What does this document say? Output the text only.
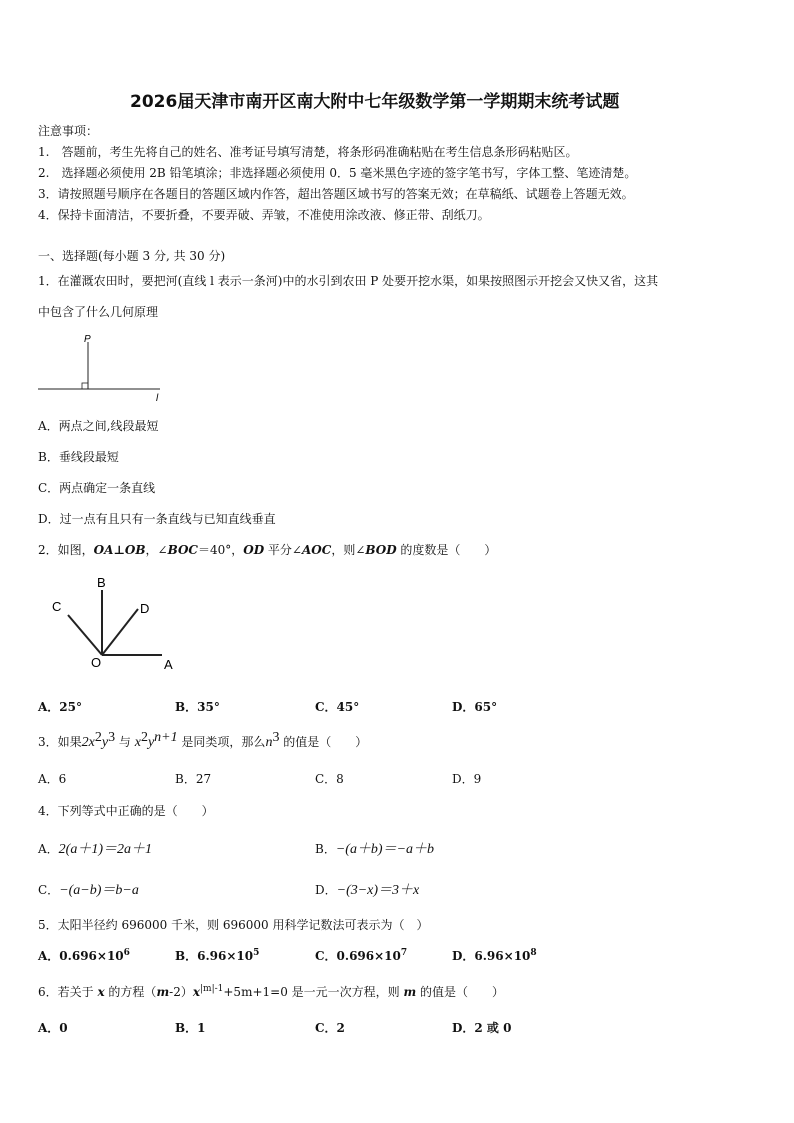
2026届天津市南开区南大附中七年级数学第一学期期末统考试题
注意事项：
1.　答题前，考生先将自己的姓名、准考证号填写清楚，将条形码准确粘贴在考生信息条形码粘贴区。
2.　选择题必须使用 2B 铅笔填涂；非选择题必须使用 0．5 毫米黑色字迹的签字笔书写，字体工整、笔迹清楚。
3．请按照题号顺序在各题目的答题区域内作答，超出答题区域书写的答案无效；在草稿纸、试题卷上答题无效。
4．保持卡面清洁，不要折叠，不要弄破、弄皱，不准使用涂改液、修正带、刮纸刀。
一、选择题(每小题 3 分, 共 30 分)
1．在灌溉农田时，要把河(直线 l 表示一条河)中的水引到农田 P 处要开挖水渠，如果按照图示开挖会又快又省，这其
中包含了什么几何原理
P
l
A．两点之间,线段最短
B．垂线段最短
C．两点确定一条直线
D．过一点有且只有一条直线与已知直线垂直
2．如图，OA⊥OB，∠BOC＝40°，OD 平分∠AOC，则∠BOD 的度数是（　　）
B
C	D
O	A
A．25°	B．35°	C．45°	D．65°
3．如果$2x^2y^3$ 与 $x^2y^{n+1}$ 是同类项，那么$n^3$ 的值是（　　）
A．6	B．27	C．8	D．9
4．下列等式中正确的是（　　）
A．2(a＋1)＝2a＋1	B．−(a＋b)＝−a＋b
C．−(a−b)＝b−a	D．−(3−x)＝3＋x
5．太阳半径约 696000 千米，则 696000 用科学记数法可表示为（　）
A．$0.696\times 10^6$	B．$6.96\times 10^5$	C．$0.696\times 10^7$	D．$6.96\times 10^8$
6．若关于 x 的方程$(m-2)x^{|m|-1}+5m+1=0$ 是一元一次方程，则 m 的值是（　　）
A．0	B．1	C．2	D．2 或 0
